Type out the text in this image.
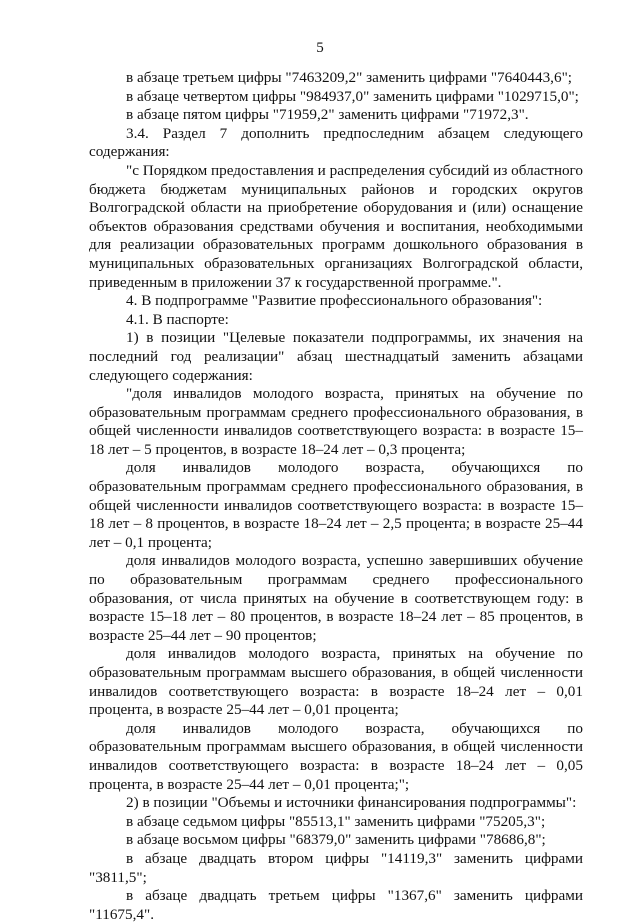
5

в абзаце третьем цифры "7463209,2" заменить цифрами "7640443,6";

в абзаце четвертом цифры "984937,0" заменить цифрами "1029715,0";

в абзаце пятом цифры "71959,2" заменить цифрами "71972,3".

3.4. Раздел 7 дополнить предпоследним абзацем следующего содержания:

"с Порядком предоставления и распределения субсидий из областного бюджета бюджетам муниципальных районов и городских округов Волгоградской области на приобретение оборудования и (или) оснащение объектов образования средствами обучения и воспитания, необходимыми для реализации образовательных программ дошкольного образования в муниципальных образовательных организациях Волгоградской области, приведенным в приложении 37 к государственной программе.".

4. В подпрограмме "Развитие профессионального образования":

4.1. В паспорте:

1) в позиции "Целевые показатели подпрограммы, их значения на последний год реализации" абзац шестнадцатый заменить абзацами следующего содержания:

"доля инвалидов молодого возраста, принятых на обучение по образовательным программам среднего профессионального образования, в общей численности инвалидов соответствующего возраста: в возрасте 15–18 лет – 5 процентов, в возрасте 18–24 лет – 0,3 процента;

доля инвалидов молодого возраста, обучающихся по образовательным программам среднего профессионального образования, в общей численности инвалидов соответствующего возраста: в возрасте 15–18 лет – 8 процентов, в возрасте 18–24 лет – 2,5 процента; в возрасте 25–44 лет – 0,1 процента;

доля инвалидов молодого возраста, успешно завершивших обучение по образовательным программам среднего профессионального образования, от числа принятых на обучение в соответствующем году: в возрасте 15–18 лет – 80 процентов, в возрасте 18–24 лет – 85 процентов, в возрасте 25–44 лет – 90 процентов;

доля инвалидов молодого возраста, принятых на обучение по образовательным программам высшего образования, в общей численности инвалидов соответствующего возраста: в возрасте 18–24 лет – 0,01 процента, в возрасте 25–44 лет – 0,01 процента;

доля инвалидов молодого возраста, обучающихся по образовательным программам высшего образования, в общей численности инвалидов соответствующего возраста: в возрасте 18–24 лет – 0,05 процента, в возрасте 25–44 лет – 0,01 процента;";

2) в позиции "Объемы и источники финансирования подпрограммы":

в абзаце седьмом цифры "85513,1" заменить цифрами "75205,3";

в абзаце восьмом цифры "68379,0" заменить цифрами "78686,8";

в абзаце двадцать втором цифры "14119,3" заменить цифрами "3811,5";

в абзаце двадцать третьем цифры "1367,6" заменить цифрами "11675,4".
